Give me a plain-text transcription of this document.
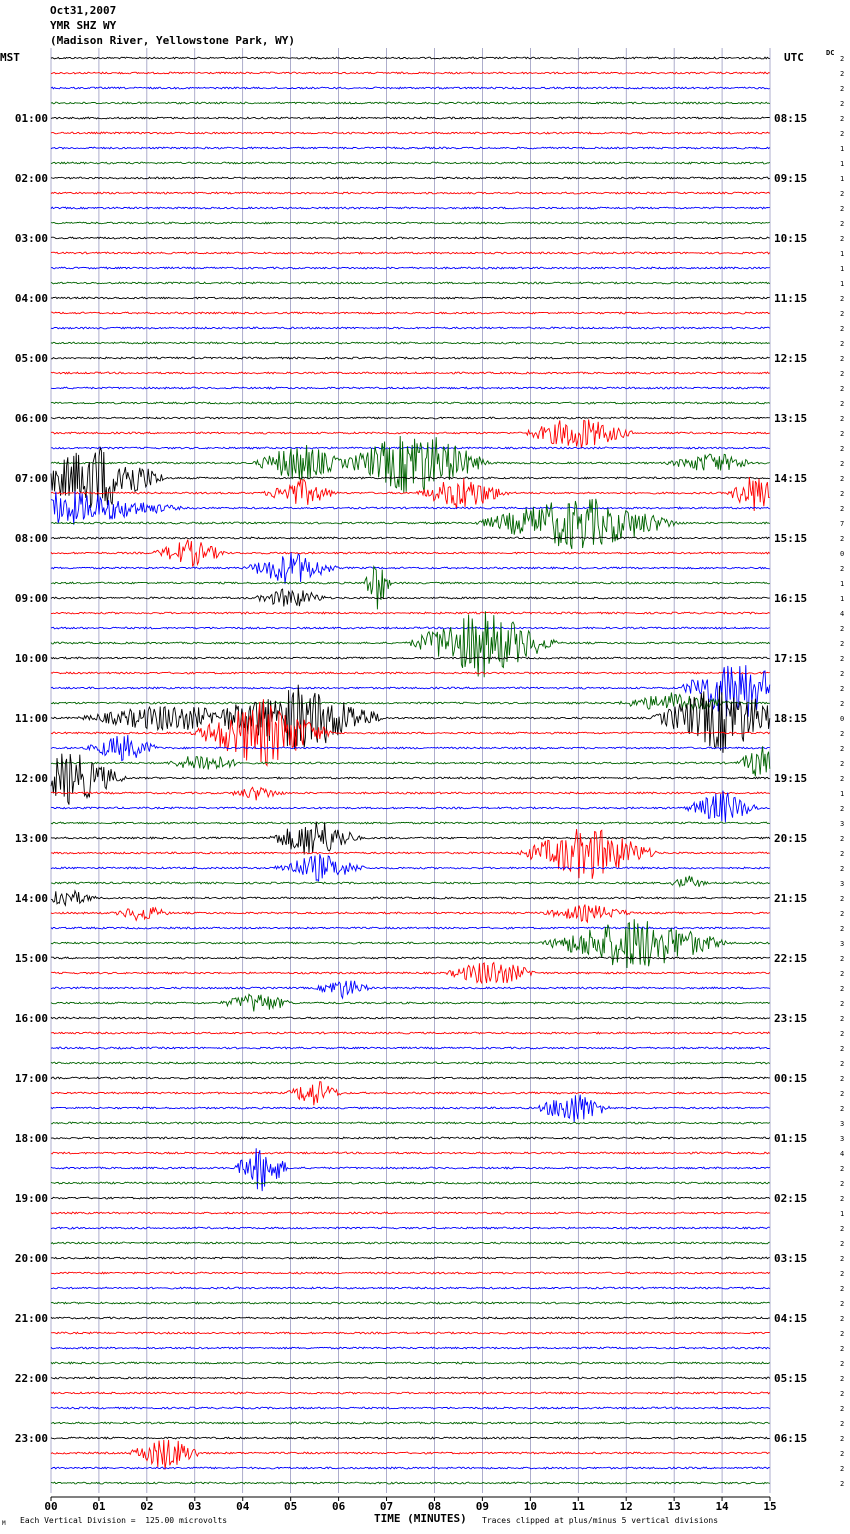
Oct31,2007
YMR SHZ WY
(Madison River, Yellowstone Park, WY)
MST	UTC	DC
2
2
2
2
2
2
1
1
1
2
2
2
2
1
1
1
2
2
2
2
2
2
2
2
2
2
2
2
2
2
2
7
2
0
2
1
1
4
2
2
2
2
2
2
0
2
2
2
2
1
2
3
2
2
2
3
2
2
2
3
2
2
2
2
2
2
2
2
2
2
2
3
3
4
2
2
2
1
2
2
2
2
2
2
2
2
2
2
2
2
2
2
2
2
2
2
01:00
02:00
03:00
04:00
05:00
06:00
07:00
08:00
09:00
10:00
11:00
12:00
13:00
14:00
15:00
16:00
17:00
18:00
19:00
20:00
21:00
22:00
23:00
08:15
09:15
10:15
11:15
12:15
13:15
14:15
15:15
16:15
17:15
18:15
19:15
20:15
21:15
22:15
23:15
00:15
01:15
02:15
03:15
04:15
05:15
06:15
00	01	02	03	04	05	06	07	08	09	10	11	12	13	14	15
TIME (MINUTES)
M Each Vertical Division =  125.00 microvolts	Traces clipped at plus/minus 5 vertical divisions
